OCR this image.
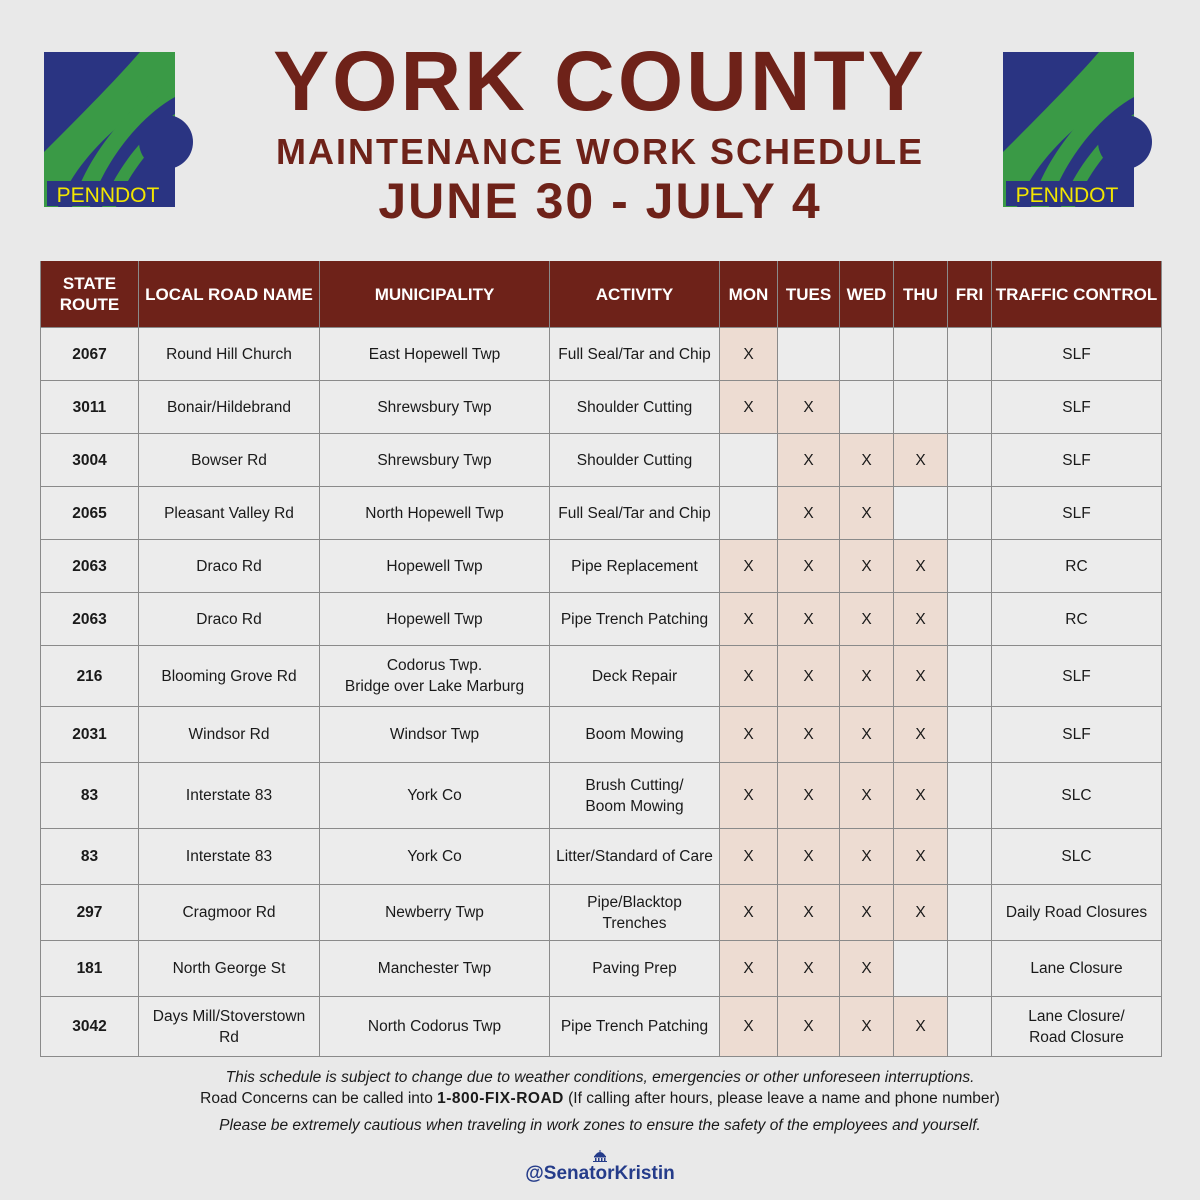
PENNDOT	PENNDOT
YORK COUNTY
MAINTENANCE WORK SCHEDULE
JUNE 30 - JULY 4
STATE
ROUTE	LOCAL ROAD NAME	MUNICIPALITY	ACTIVITY	MON	TUES	WED	THU	FRI	TRAFFIC CONTROL
2067	Round Hill Church	East Hopewell Twp	Full Seal/Tar and Chip	X					SLF
3011	Bonair/Hildebrand	Shrewsbury Twp	Shoulder Cutting	X	X				SLF
3004	Bowser Rd	Shrewsbury Twp	Shoulder Cutting		X	X	X		SLF
2065	Pleasant Valley Rd	North Hopewell Twp	Full Seal/Tar and Chip		X	X			SLF
2063	Draco Rd	Hopewell Twp	Pipe Replacement	X	X	X	X		RC
2063	Draco Rd	Hopewell Twp	Pipe Trench Patching	X	X	X	X		RC
216	Blooming Grove Rd	Codorus Twp.
Bridge over Lake Marburg	Deck Repair	X	X	X	X		SLF
2031	Windsor Rd	Windsor Twp	Boom Mowing	X	X	X	X		SLF
83	Interstate 83	York Co	Brush Cutting/
Boom Mowing	X	X	X	X		SLC
83	Interstate 83	York Co	Litter/Standard of Care	X	X	X	X		SLC
297	Cragmoor Rd	Newberry Twp	Pipe/Blacktop Trenches	X	X	X	X		Daily Road Closures
181	North George St	Manchester Twp	Paving Prep	X	X	X			Lane Closure
3042	Days Mill/Stoverstown Rd	North Codorus Twp	Pipe Trench Patching	X	X	X	X		Lane Closure/
Road Closure
This schedule is subject to change due to weather conditions, emergencies or other unforeseen interruptions.
Road Concerns can be called into 1-800-FIX-ROAD (If calling after hours, please leave a name and phone number)
Please be extremely cautious when traveling in work zones to ensure the safety of the employees and yourself.
@SenatorKristin
